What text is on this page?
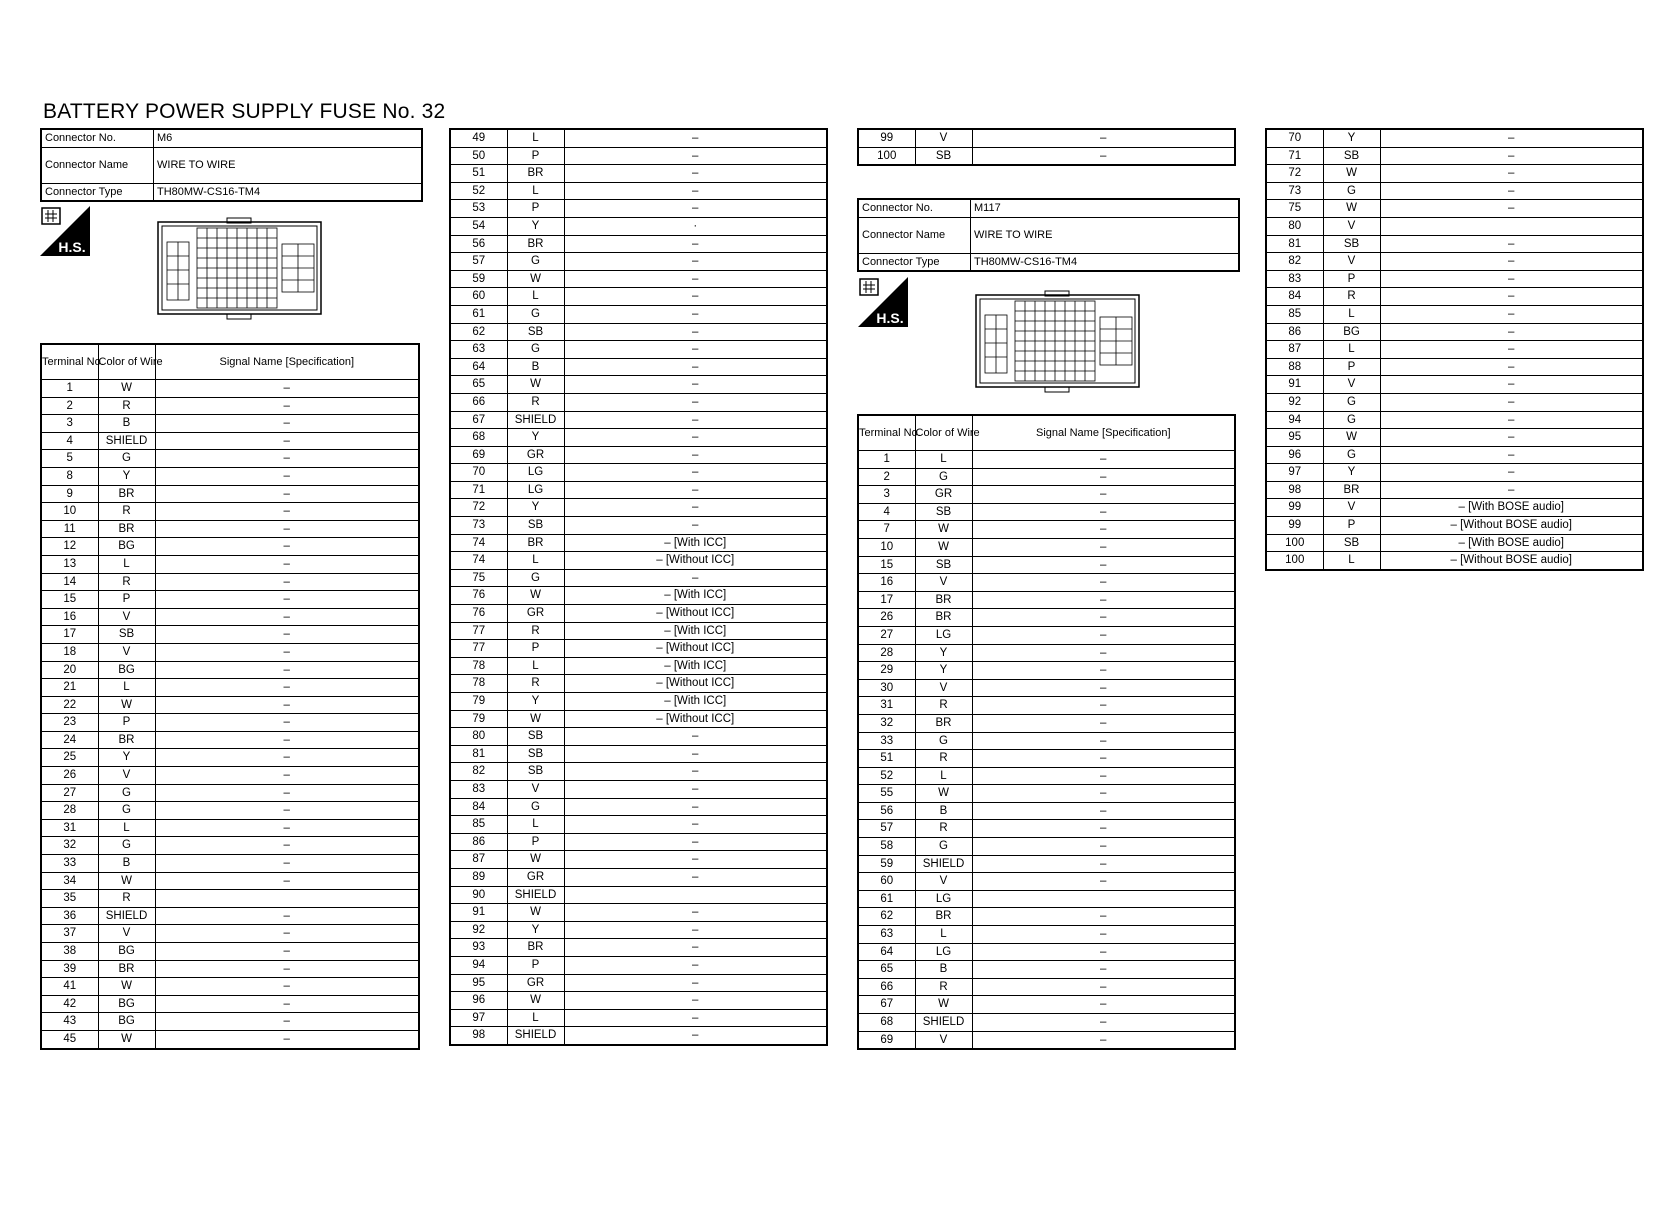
BATTERY POWER SUPPLY FUSE No. 32
Connector No.	M6
Connector Name	WIRE TO WIRE
Connector Type	TH80MW-CS16-TM4
H.S.
Terminal No.	Color of Wire	Signal Name [Specification]
1	W	–
2	R	–
3	B	–
4	SHIELD	–
5	G	–
8	Y	–
9	BR	–
10	R	–
11	BR	–
12	BG	–
13	L	–
14	R	–
15	P	–
16	V	–
17	SB	–
18	V	–
20	BG	–
21	L	–
22	W	–
23	P	–
24	BR	–
25	Y	–
26	V	–
27	G	–
28	G	–
31	L	–
32	G	–
33	B	–
34	W	–
35	R	
36	SHIELD	–
37	V	–
38	BG	–
39	BR	–
41	W	–
42	BG	–
43	BG	–
45	W	–
49	L	–
50	P	–
51	BR	–
52	L	–
53	P	–
54	Y	·
56	BR	–
57	G	–
59	W	–
60	L	–
61	G	–
62	SB	–
63	G	–
64	B	–
65	W	–
66	R	–
67	SHIELD	–
68	Y	–
69	GR	–
70	LG	–
71	LG	–
72	Y	–
73	SB	–
74	BR	– [With ICC]
74	L	– [Without ICC]
75	G	–
76	W	– [With ICC]
76	GR	– [Without ICC]
77	R	– [With ICC]
77	P	– [Without ICC]
78	L	– [With ICC]
78	R	– [Without ICC]
79	Y	– [With ICC]
79	W	– [Without ICC]
80	SB	–
81	SB	–
82	SB	–
83	V	–
84	G	–
85	L	–
86	P	–
87	W	–
89	GR	–
90	SHIELD	
91	W	–
92	Y	–
93	BR	–
94	P	–
95	GR	–
96	W	–
97	L	–
98	SHIELD	–
99	V	–
100	SB	–
Connector No.	M117
Connector Name	WIRE TO WIRE
Connector Type	TH80MW-CS16-TM4
H.S.
Terminal No.	Color of Wire	Signal Name [Specification]
1	L	–
2	G	–
3	GR	–
4	SB	–
7	W	–
10	W	–
15	SB	–
16	V	–
17	BR	–
26	BR	–
27	LG	–
28	Y	–
29	Y	–
30	V	–
31	R	–
32	BR	–
33	G	–
51	R	–
52	L	–
55	W	–
56	B	–
57	R	–
58	G	–
59	SHIELD	–
60	V	–
61	LG	
62	BR	–
63	L	–
64	LG	–
65	B	–
66	R	–
67	W	–
68	SHIELD	–
69	V	–
70	Y	–
71	SB	–
72	W	–
73	G	–
75	W	–
80	V	
81	SB	–
82	V	–
83	P	–
84	R	–
85	L	–
86	BG	–
87	L	–
88	P	–
91	V	–
92	G	–
94	G	–
95	W	–
96	G	–
97	Y	–
98	BR	–
99	V	– [With BOSE audio]
99	P	– [Without BOSE audio]
100	SB	– [With BOSE audio]
100	L	– [Without BOSE audio]
